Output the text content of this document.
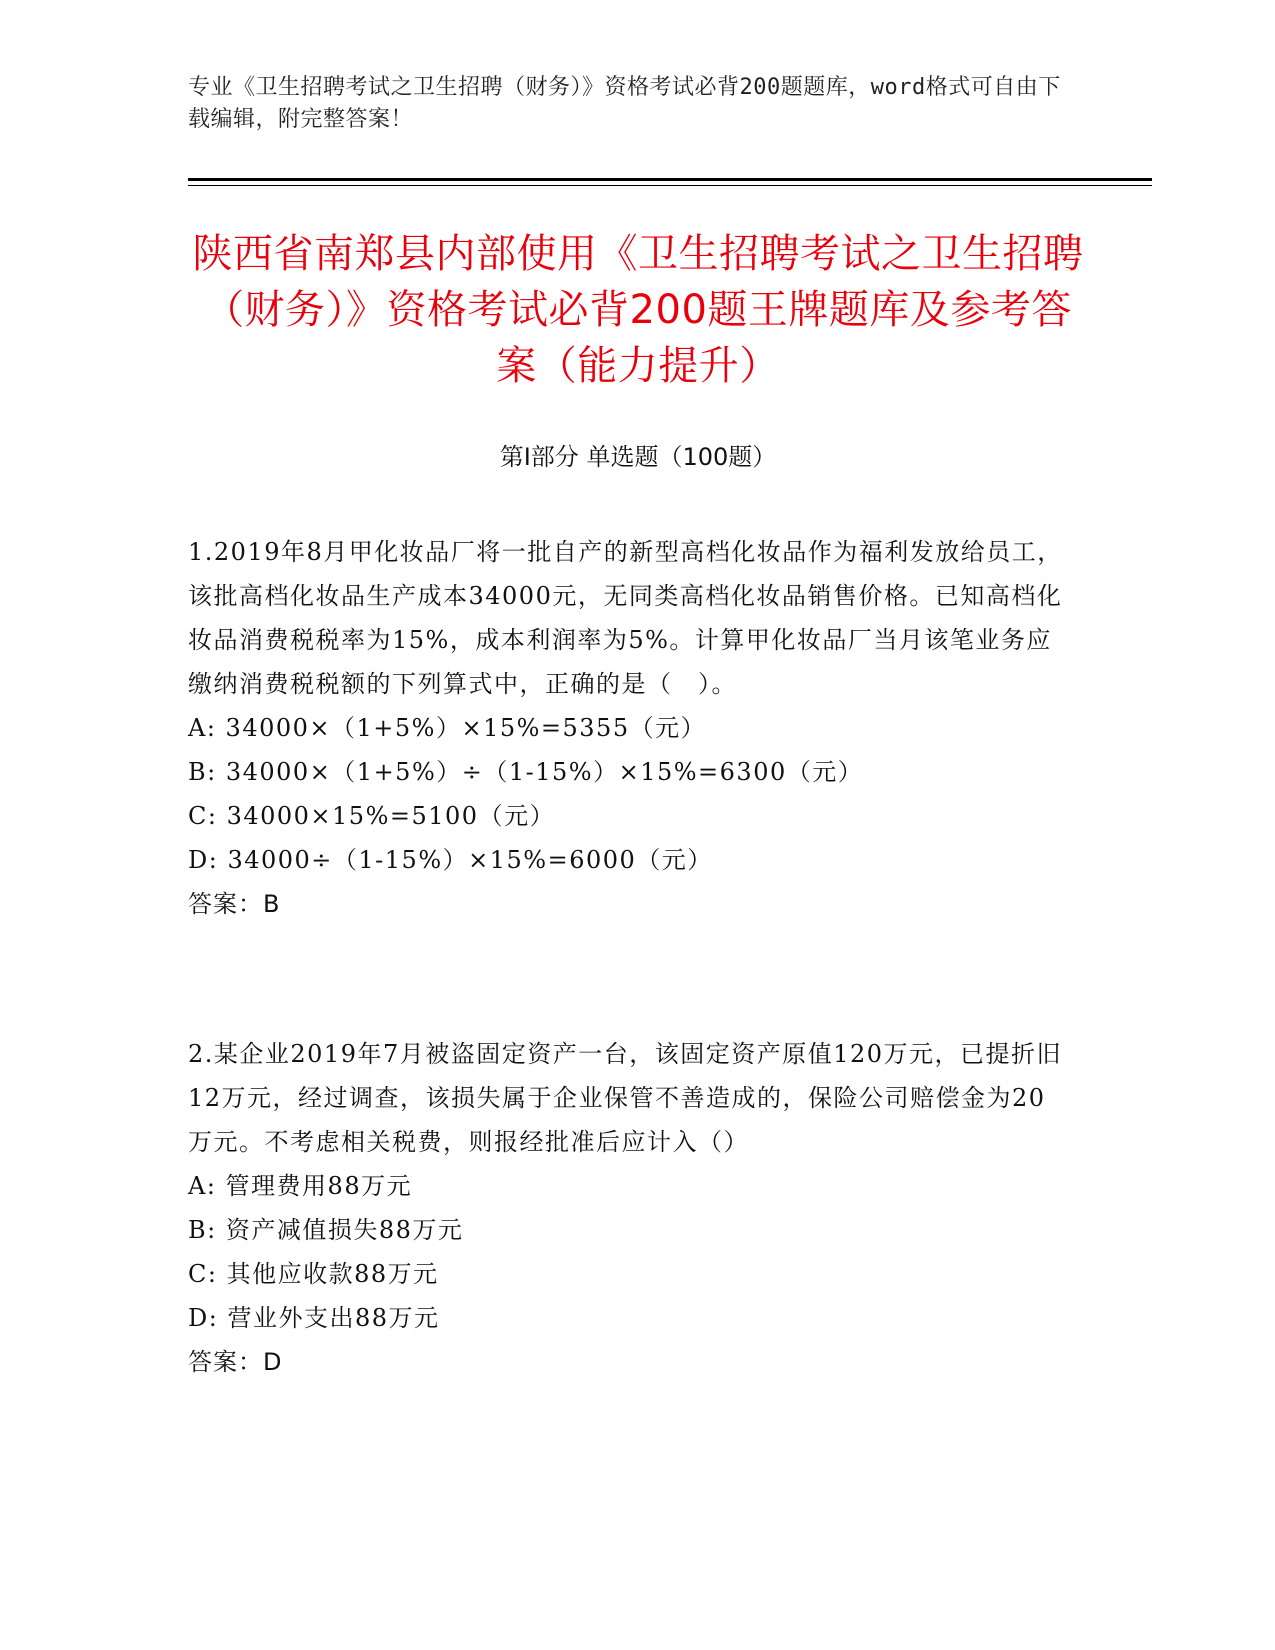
专业《卫生招聘考试之卫生招聘（财务）》资格考试必背200题题库，word格式可自由下载编辑，附完整答案！
陕西省南郑县内部使用《卫生招聘考试之卫生招聘（财务）》资格考试必背200题王牌题库及参考答案（能力提升）
第I部分 单选题（100题）

1.2019年8月甲化妆品厂将一批自产的新型高档化妆品作为福利发放给员工，该批高档化妆品生产成本34000元，无同类高档化妆品销售价格。已知高档化妆品消费税税率为15%，成本利润率为5%。计算甲化妆品厂当月该笔业务应缴纳消费税税额的下列算式中，正确的是（　）。

A: 34000×（1+5%）×15%=5355（元）

B: 34000×（1+5%）÷（1-15%）×15%=6300（元）

C: 34000×15%=5100（元）

D: 34000÷（1-15%）×15%=6000（元）

答案：B

2.某企业2019年7月被盗固定资产一台，该固定资产原值120万元，已提折旧12万元，经过调查，该损失属于企业保管不善造成的，保险公司赔偿金为20万元。不考虑相关税费，则报经批准后应计入（）

A: 管理费用88万元

B: 资产减值损失88万元

C: 其他应收款88万元

D: 营业外支出88万元

答案：D
